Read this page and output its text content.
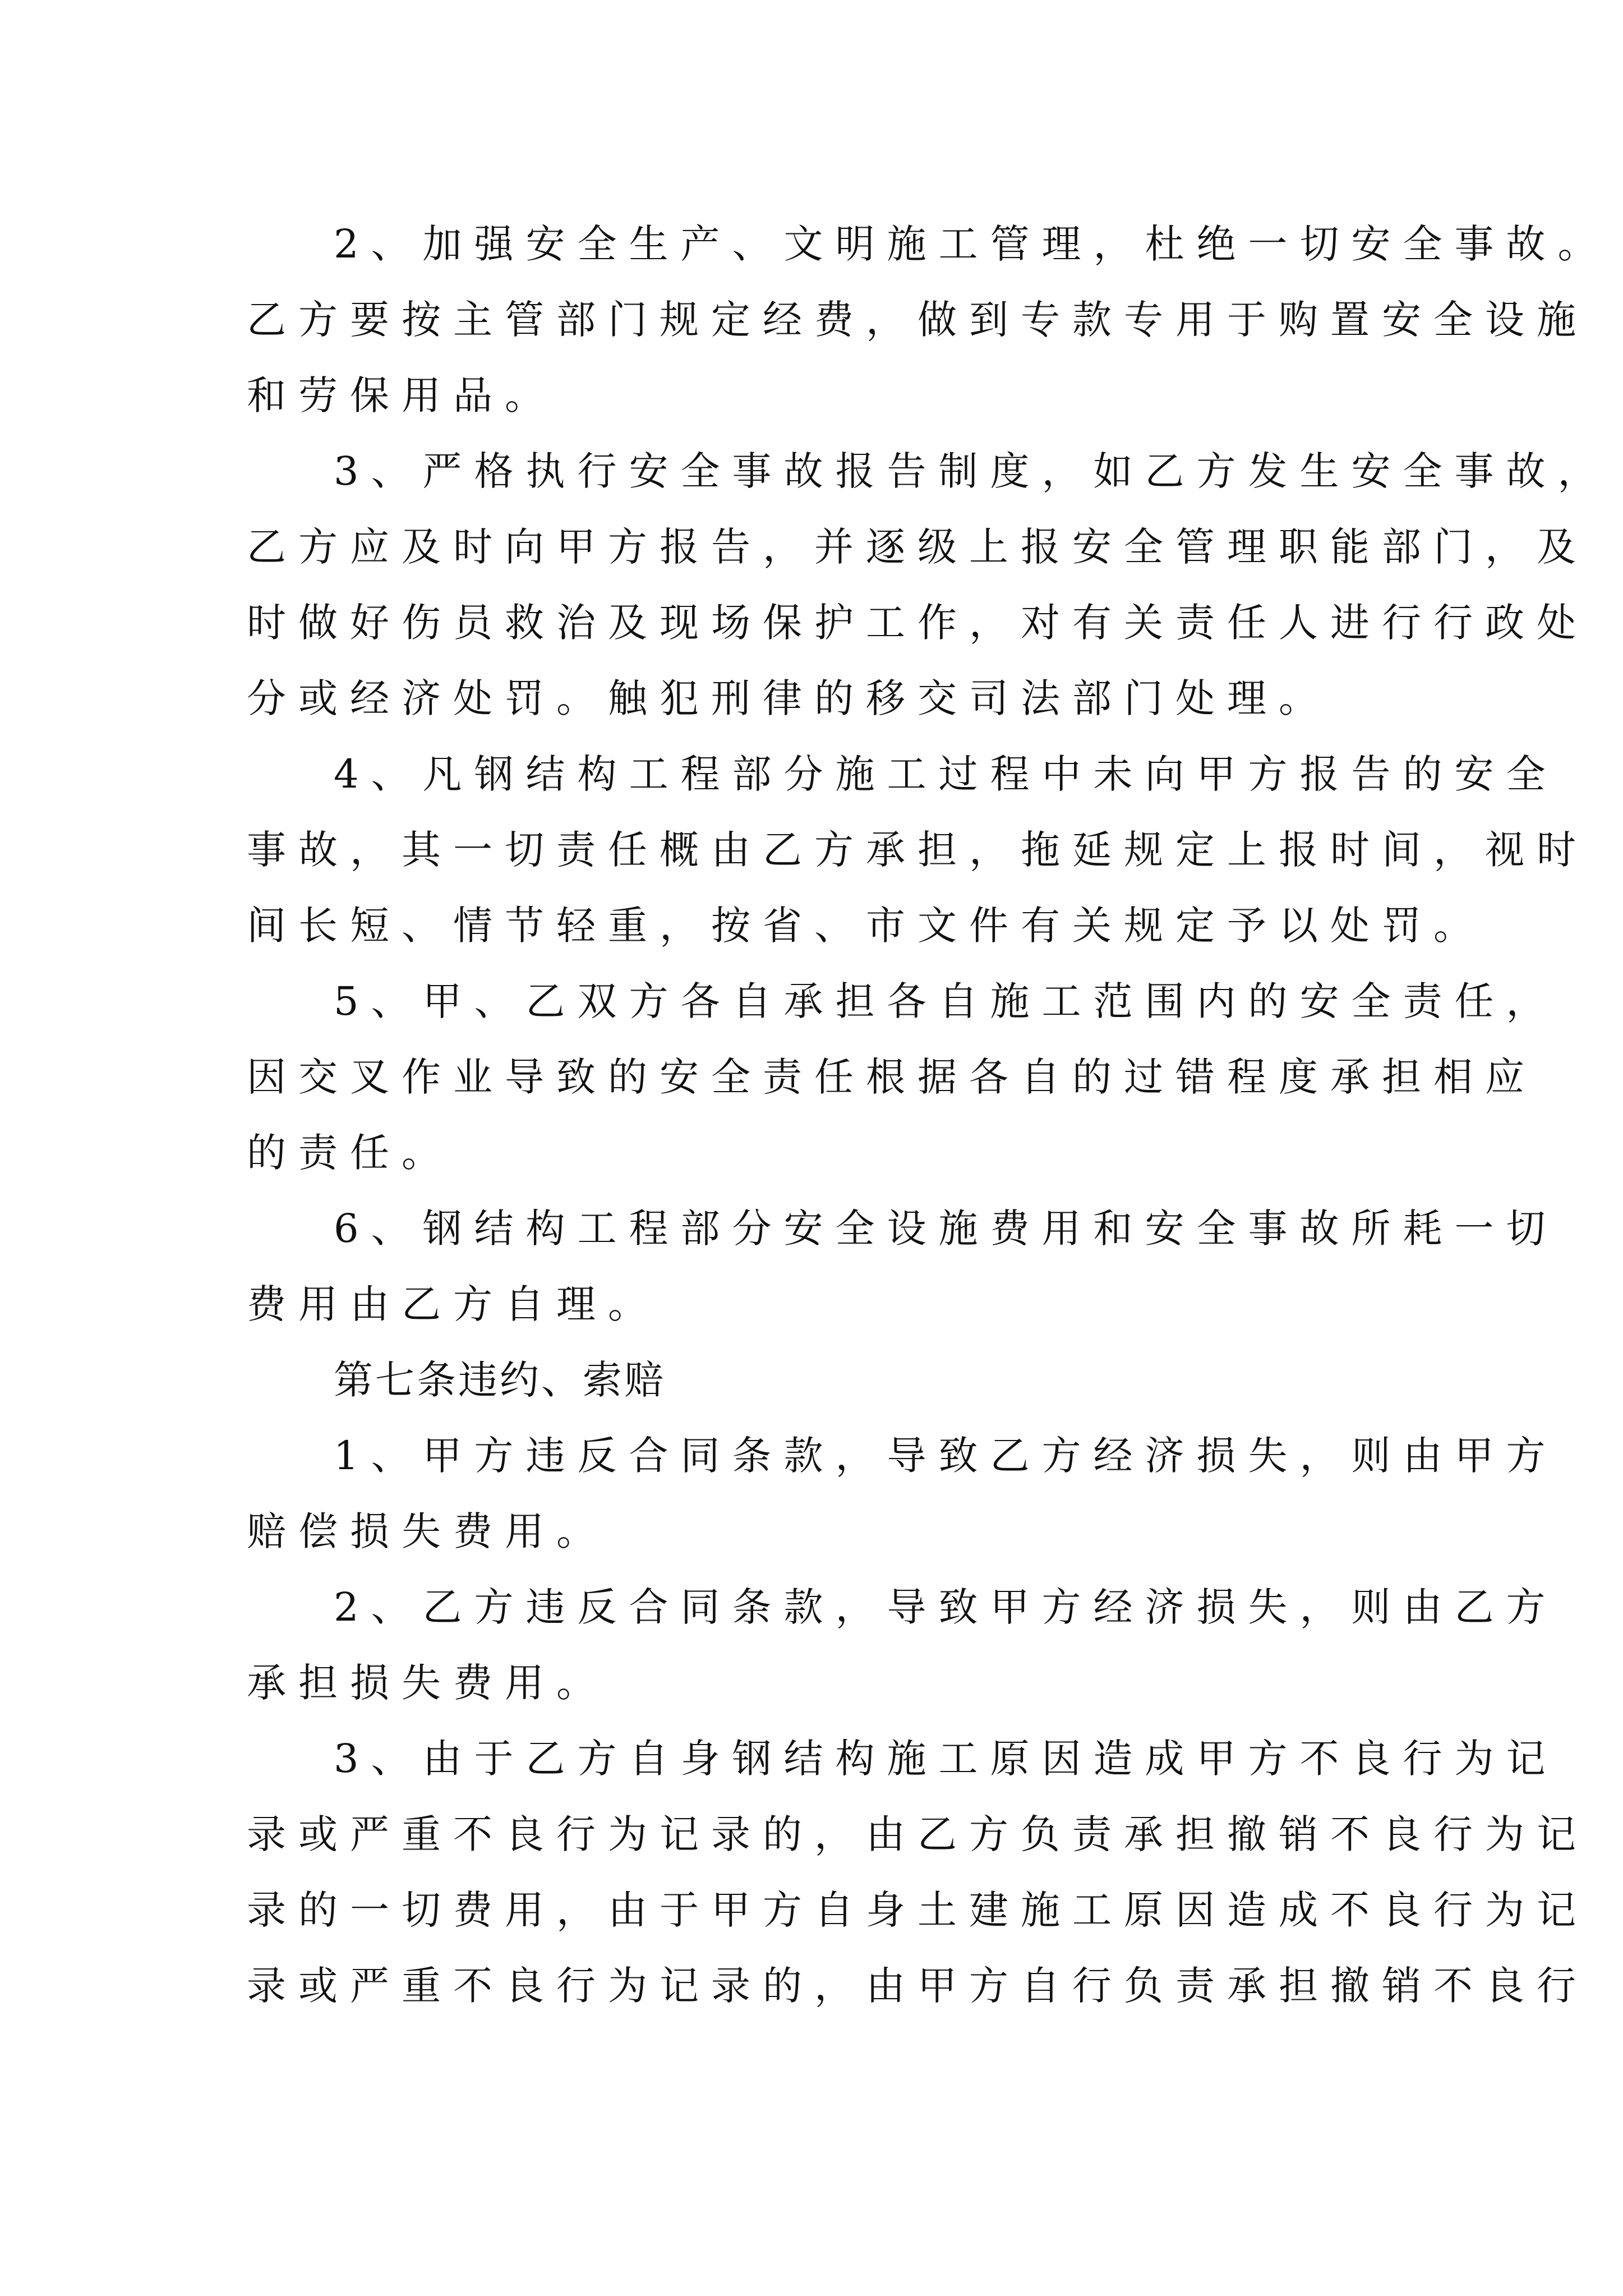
2、加强安全生产、文明施工管理，杜绝一切安全事故。

乙方要按主管部门规定经费，做到专款专用于购置安全设施

和劳保用品。

3、严格执行安全事故报告制度，如乙方发生安全事故，

乙方应及时向甲方报告，并逐级上报安全管理职能部门，及

时做好伤员救治及现场保护工作，对有关责任人进行行政处

分或经济处罚。触犯刑律的移交司法部门处理。

4、凡钢结构工程部分施工过程中未向甲方报告的安全

事故，其一切责任概由乙方承担，拖延规定上报时间，视时

间长短、情节轻重，按省、市文件有关规定予以处罚。

5、甲、乙双方各自承担各自施工范围内的安全责任，

因交叉作业导致的安全责任根据各自的过错程度承担相应

的责任。

6、钢结构工程部分安全设施费用和安全事故所耗一切

费用由乙方自理。

第七条违约、索赔

1、甲方违反合同条款，导致乙方经济损失，则由甲方

赔偿损失费用。

2、乙方违反合同条款，导致甲方经济损失，则由乙方

承担损失费用。

3、由于乙方自身钢结构施工原因造成甲方不良行为记

录或严重不良行为记录的，由乙方负责承担撤销不良行为记

录的一切费用，由于甲方自身土建施工原因造成不良行为记

录或严重不良行为记录的，由甲方自行负责承担撤销不良行
